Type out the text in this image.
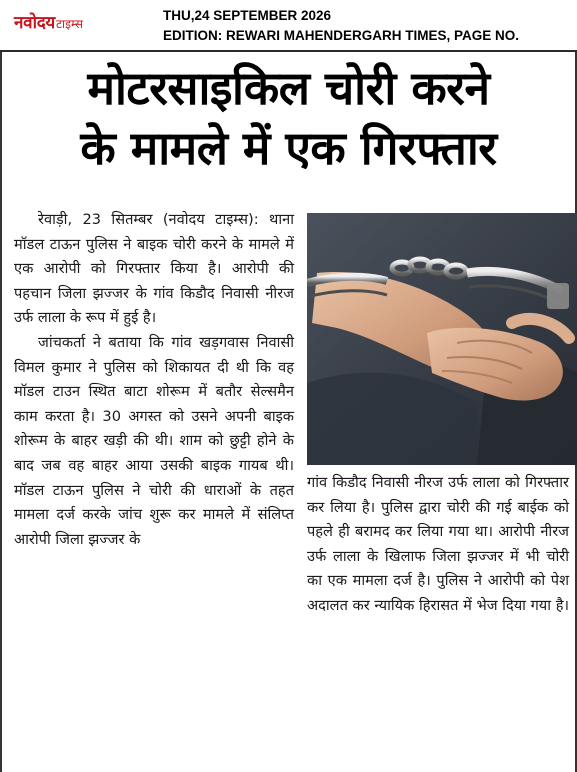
नवोदय टाइम्स
THU,24 SEPTEMBER 2026
EDITION: REWARI MAHENDERGARH TIMES, PAGE NO.
मोटरसाइकिल चोरी करने
के मामले में एक गिरफ्तार

रेवाड़ी, 23 सितम्बर (नवोदय टाइम्स): थाना मॉडल टाऊन पुलिस ने बाइक चोरी करने के मामले में एक आरोपी को गिरफ्तार किया है। आरोपी की पहचान जिला झज्जर के गांव किडौद निवासी नीरज उर्फ लाला के रूप में हुई है।

जांचकर्ता ने बताया कि गांव खड़गवास निवासी विमल कुमार ने पुलिस को शिकायत दी थी कि वह मॉडल टाउन स्थित बाटा शोरूम में बतौर सेल्समैन काम करता है। 30 अगस्त को उसने अपनी बाइक शोरूम के बाहर खड़ी की थी। शाम को छुट्टी होने के बाद जब वह बाहर आया उसकी बाइक गायब थी। मॉडल टाऊन पुलिस ने चोरी की धाराओं के तहत मामला दर्ज करके जांच शुरू कर मामले में संलिप्त आरोपी जिला झज्जर के

गांव किडौद निवासी नीरज उर्फ लाला को गिरफ्तार कर लिया है। पुलिस द्वारा चोरी की गई बाईक को पहले ही बरामद कर लिया गया था। आरोपी नीरज उर्फ लाला के खिलाफ जिला झज्जर में भी चोरी का एक मामला दर्ज है। पुलिस ने आरोपी को पेश अदालत कर न्यायिक हिरासत में भेज दिया गया है।
